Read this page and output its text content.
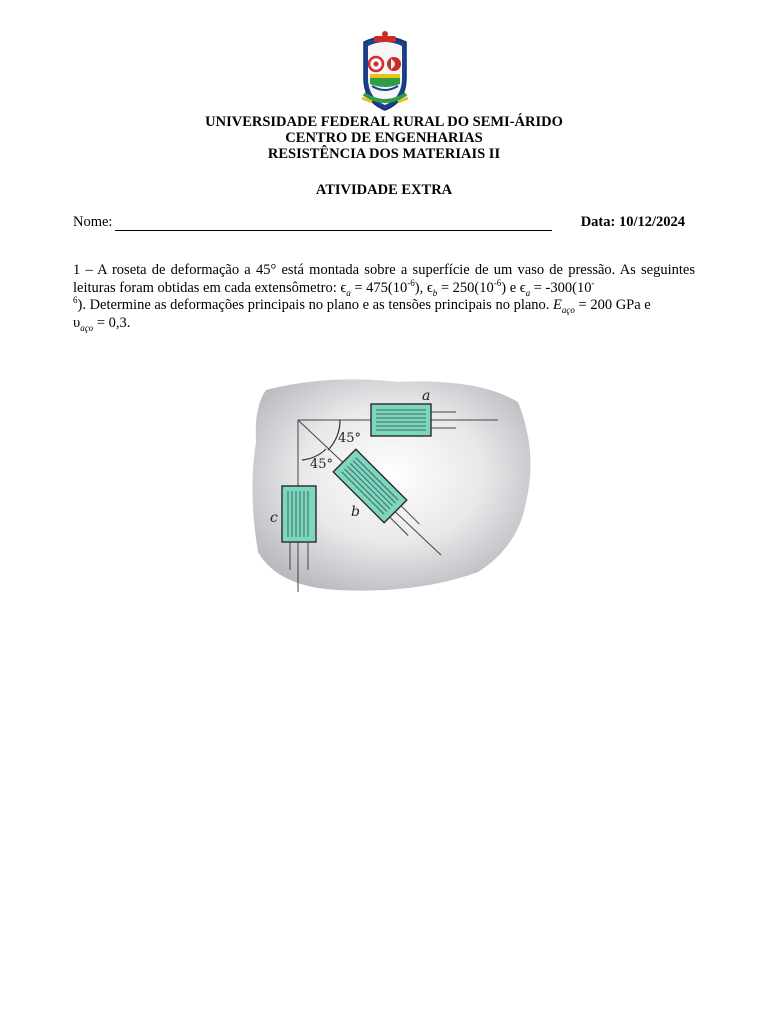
UNIVERSIDADE FEDERAL RURAL DO SEMI-ÁRIDO
CENTRO DE ENGENHARIAS
RESISTÊNCIA DOS MATERIAIS II
ATIVIDADE EXTRA
Nome:	Data: 10/12/2024
1 – A roseta de deformação a 45° está montada sobre a superfície de um vaso de pressão. As seguintes leituras foram obtidas em cada extensômetro: $\epsilon_a = 475(10^{-6})$, $\epsilon_b = 250(10^{-6})$ e $\epsilon_a = -300(10^-$
$^6$). Determine as deformações principais no plano e as tensões principais no plano. $E_{aço} = 200$ GPa e
$\upsilon_{aço} = 0,3$.
45°
45°
a
b
c
